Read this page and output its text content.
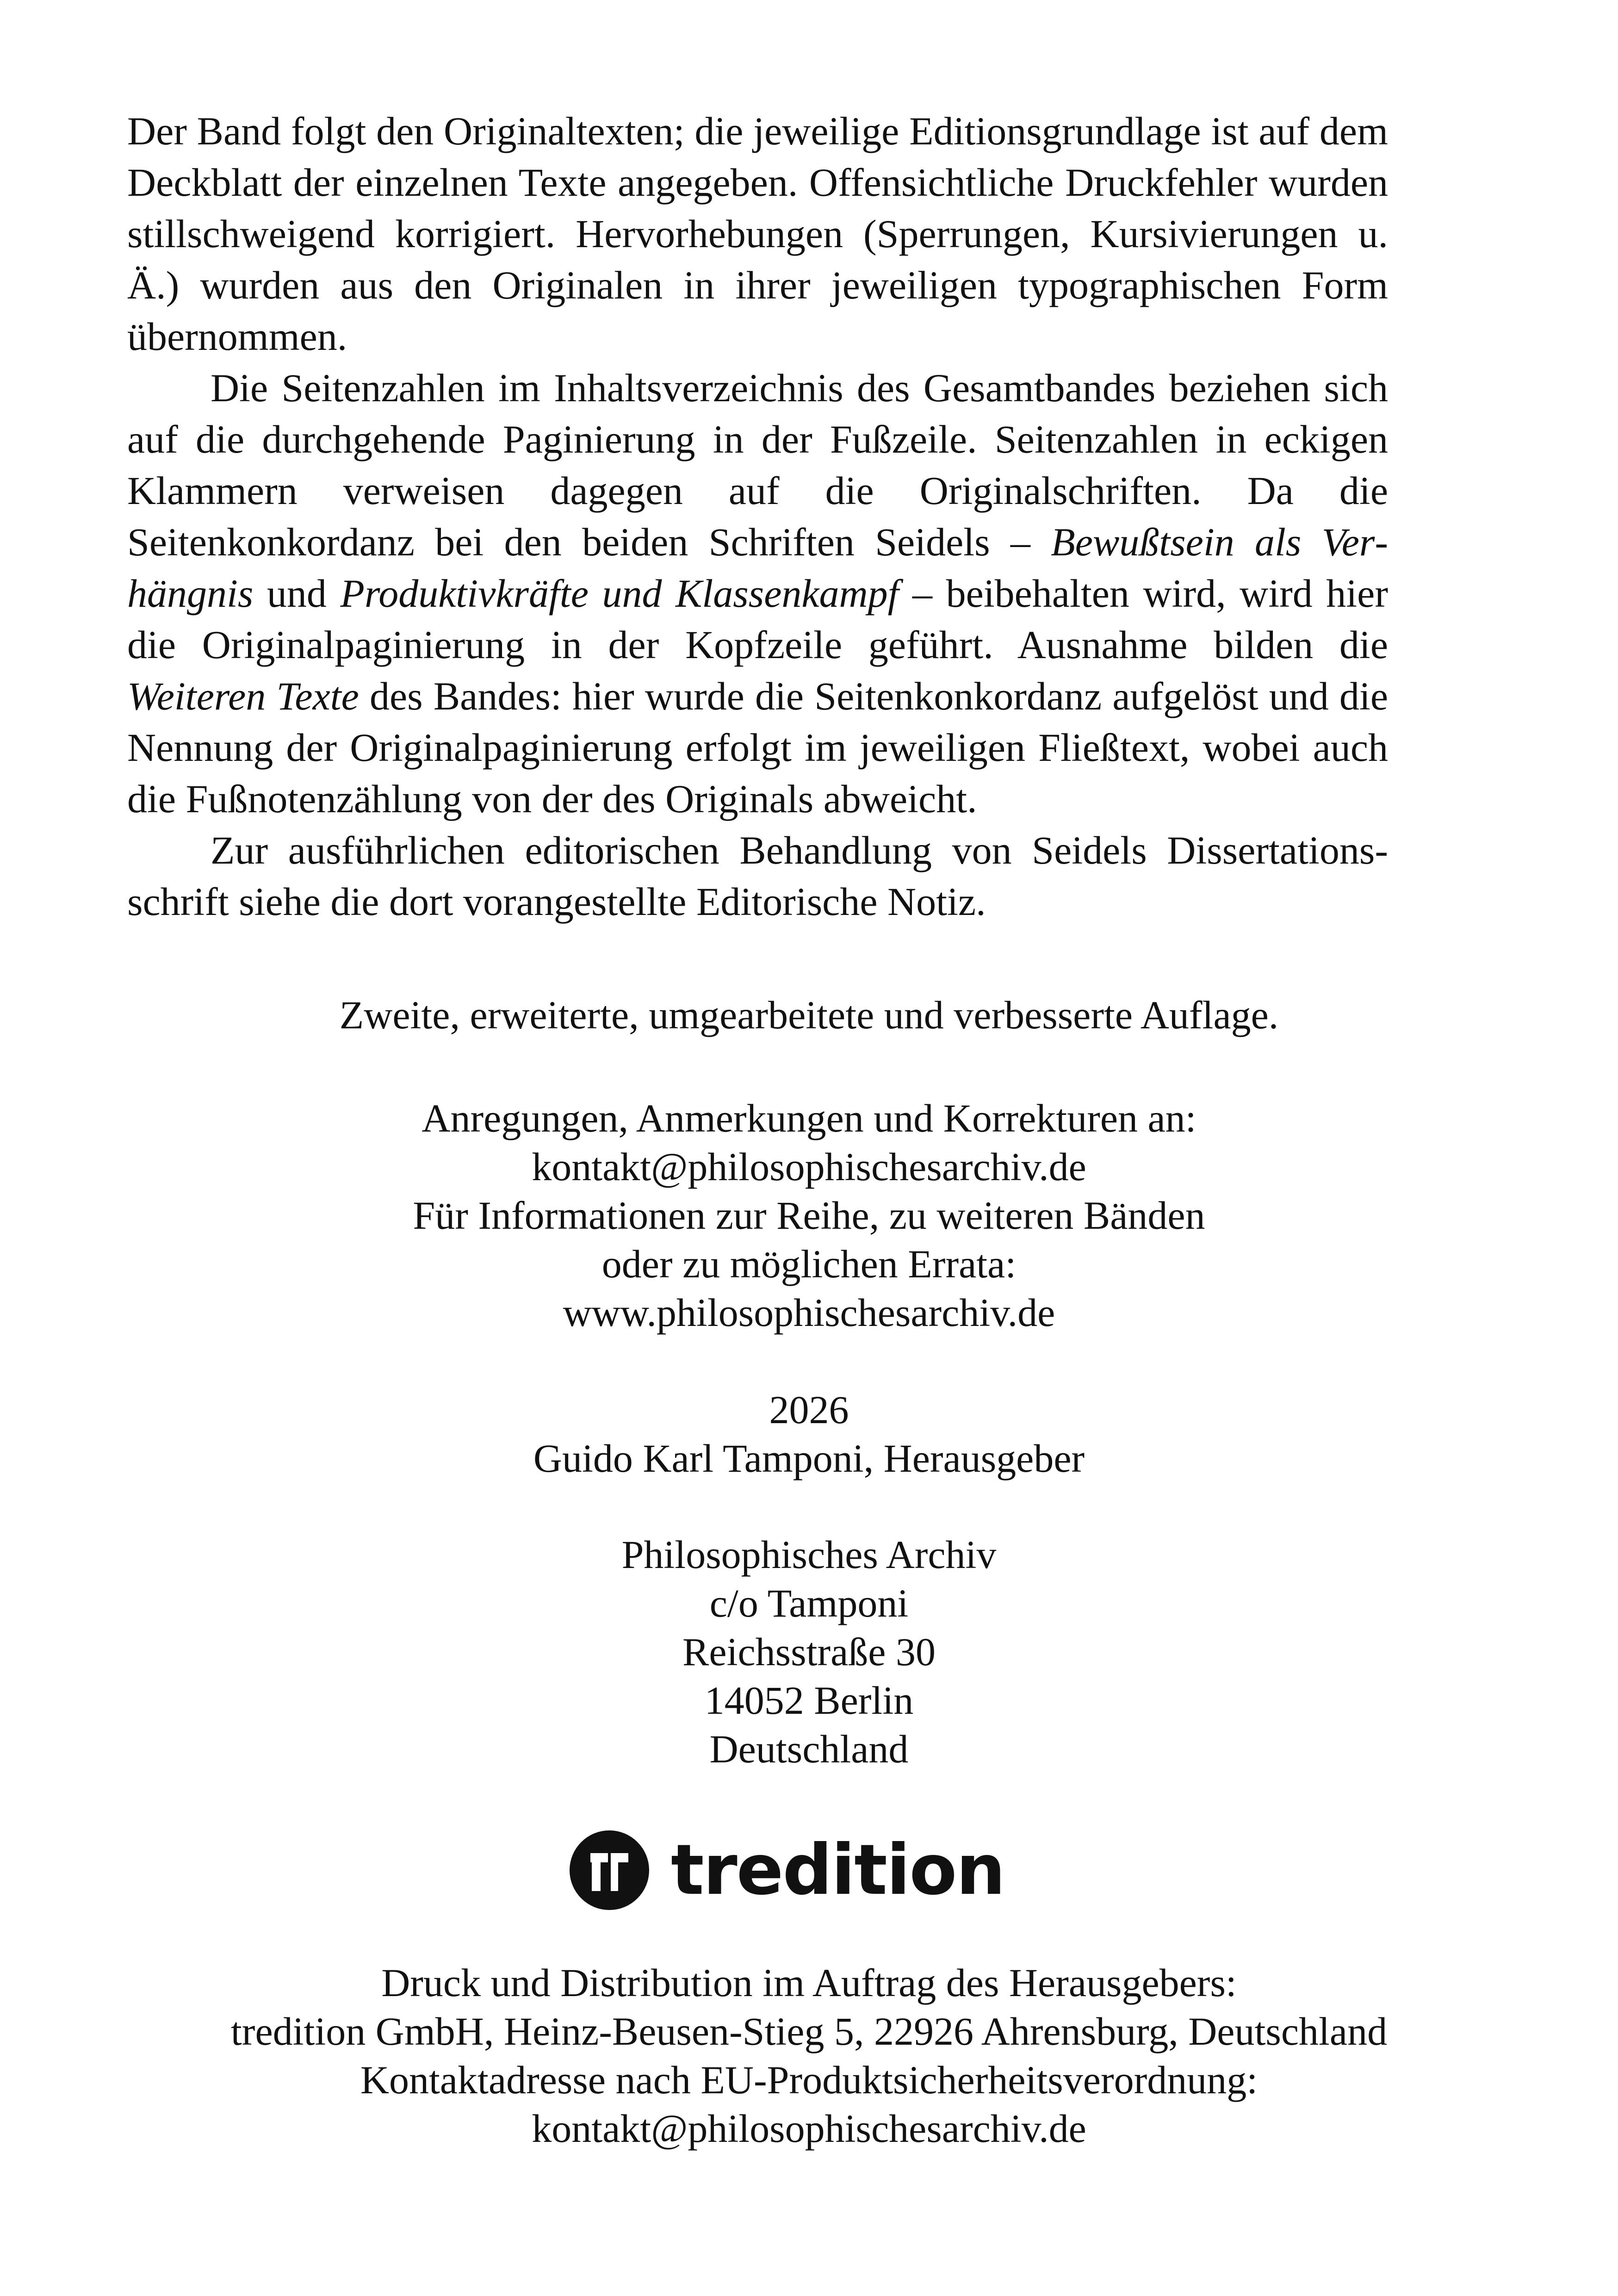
Der Band folgt den Originaltexten; die jeweilige Editionsgrundlage ist auf dem Deckblatt der einzelnen Texte angegeben. Offensichtliche Druckfehler wurden stillschweigend korrigiert. Hervorhebungen (Sperrungen, Kursivierungen u. Ä.) wurden aus den Originalen in ihrer jeweiligen typographischen Form übernommen.

Die Seitenzahlen im Inhaltsverzeichnis des Gesamtbandes beziehen sich auf die durchgehende Paginierung in der Fußzeile. Seitenzahlen in eckigen Klammern verweisen dagegen auf die Originalschriften. Da die Seitenkonkordanz bei den beiden Schriften Seidels – Bewußtsein als Verhängnis und Produktivkräfte und Klassenkampf – beibehalten wird, wird hier die Originalpaginierung in der Kopfzeile geführt. Ausnahme bilden die Weiteren Texte des Bandes: hier wurde die Seitenkonkordanz aufgelöst und die Nennung der Originalpaginierung erfolgt im jeweiligen Fließtext, wobei auch die Fußnotenzählung von der des Originals abweicht.

Zur ausführlichen editorischen Behandlung von Seidels Dissertationsschrift siehe die dort vorangestellte Editorische Notiz.

Zweite, erweiterte, umgearbeitete und verbesserte Auflage.
Anregungen, Anmerkungen und Korrekturen an:
kontakt@philosophischesarchiv.de
Für Informationen zur Reihe, zu weiteren Bänden
oder zu möglichen Errata:
www.philosophischesarchiv.de
2026
Guido Karl Tamponi, Herausgeber
Philosophisches Archiv
c/o Tamponi
Reichsstraße 30
14052 Berlin
Deutschland
tredition
Druck und Distribution im Auftrag des Herausgebers:
tredition GmbH, Heinz-Beusen-Stieg 5, 22926 Ahrensburg, Deutschland
Kontaktadresse nach EU-Produktsicherheitsverordnung:
kontakt@philosophischesarchiv.de
